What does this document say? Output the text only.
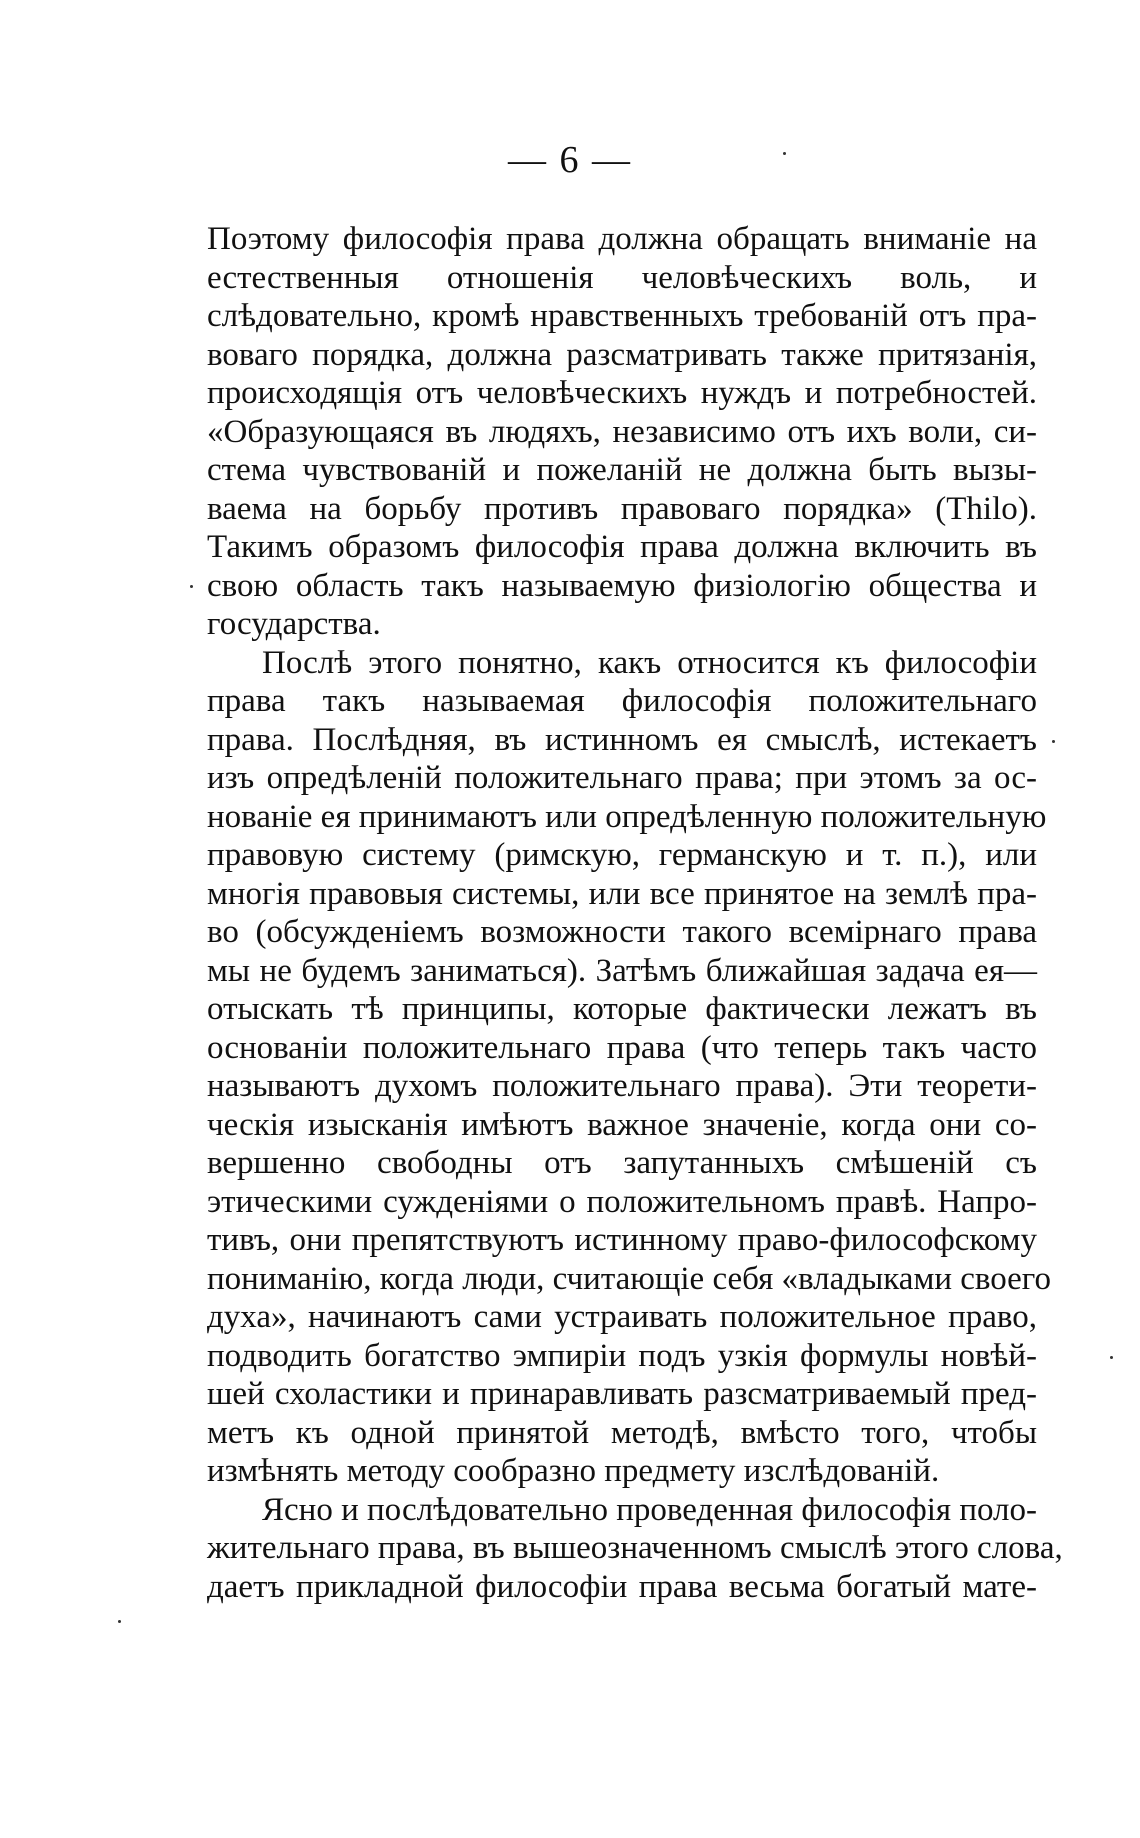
— 6 —
Поэтому философія права должна обращать вниманіе на
естественныя отношенія человѣческихъ воль, и
слѣдовательно, кромѣ нравственныхъ требованій отъ пра-
воваго порядка, должна разсматривать также притязанія,
происходящія отъ человѣческихъ нуждъ и потребностей.
«Образующаяся въ людяхъ, независимо отъ ихъ воли, си-
стема чувствованій и пожеланій не должна быть вызы-
ваема на борьбу противъ правоваго порядка» (Thilo).
Такимъ образомъ философія права должна включить въ
свою область такъ называемую физіологію общества и
государства.
Послѣ этого понятно, какъ относится къ философіи
права такъ называемая философія положительнаго
права. Послѣдняя, въ истинномъ ея смыслѣ, истекаетъ
изъ опредѣленій положительнаго права; при этомъ за ос-
нованіе ея принимаютъ или опредѣленную положительную
правовую систему (римскую, германскую и т. п.), или
многія правовыя системы, или все принятое на землѣ пра-
во (обсужденіемъ возможности такого всемірнаго права
мы не будемъ заниматься). Затѣмъ ближайшая задача ея—
отыскать тѣ принципы, которые фактически лежатъ въ
основаніи положительнаго права (что теперь такъ часто
называютъ духомъ положительнаго права). Эти теорети-
ческія изысканія имѣютъ важное значеніе, когда они со-
вершенно свободны отъ запутанныхъ смѣшеній съ
этическими сужденіями о положительномъ правѣ. Напро-
тивъ, они препятствуютъ истинному право-философскому
пониманію, когда люди, считающіе себя «владыками своего
духа», начинаютъ сами устраивать положительное право,
подводить богатство эмпиріи подъ узкія формулы новѣй-
шей схоластики и принаравливать разсматриваемый пред-
метъ къ одной принятой методѣ, вмѣсто того, чтобы
измѣнять методу сообразно предмету изслѣдованій.
Ясно и послѣдовательно проведенная философія поло-
жительнаго права, въ вышеозначенномъ смыслѣ этого слова,
даетъ прикладной философіи права весьма богатый мате-
